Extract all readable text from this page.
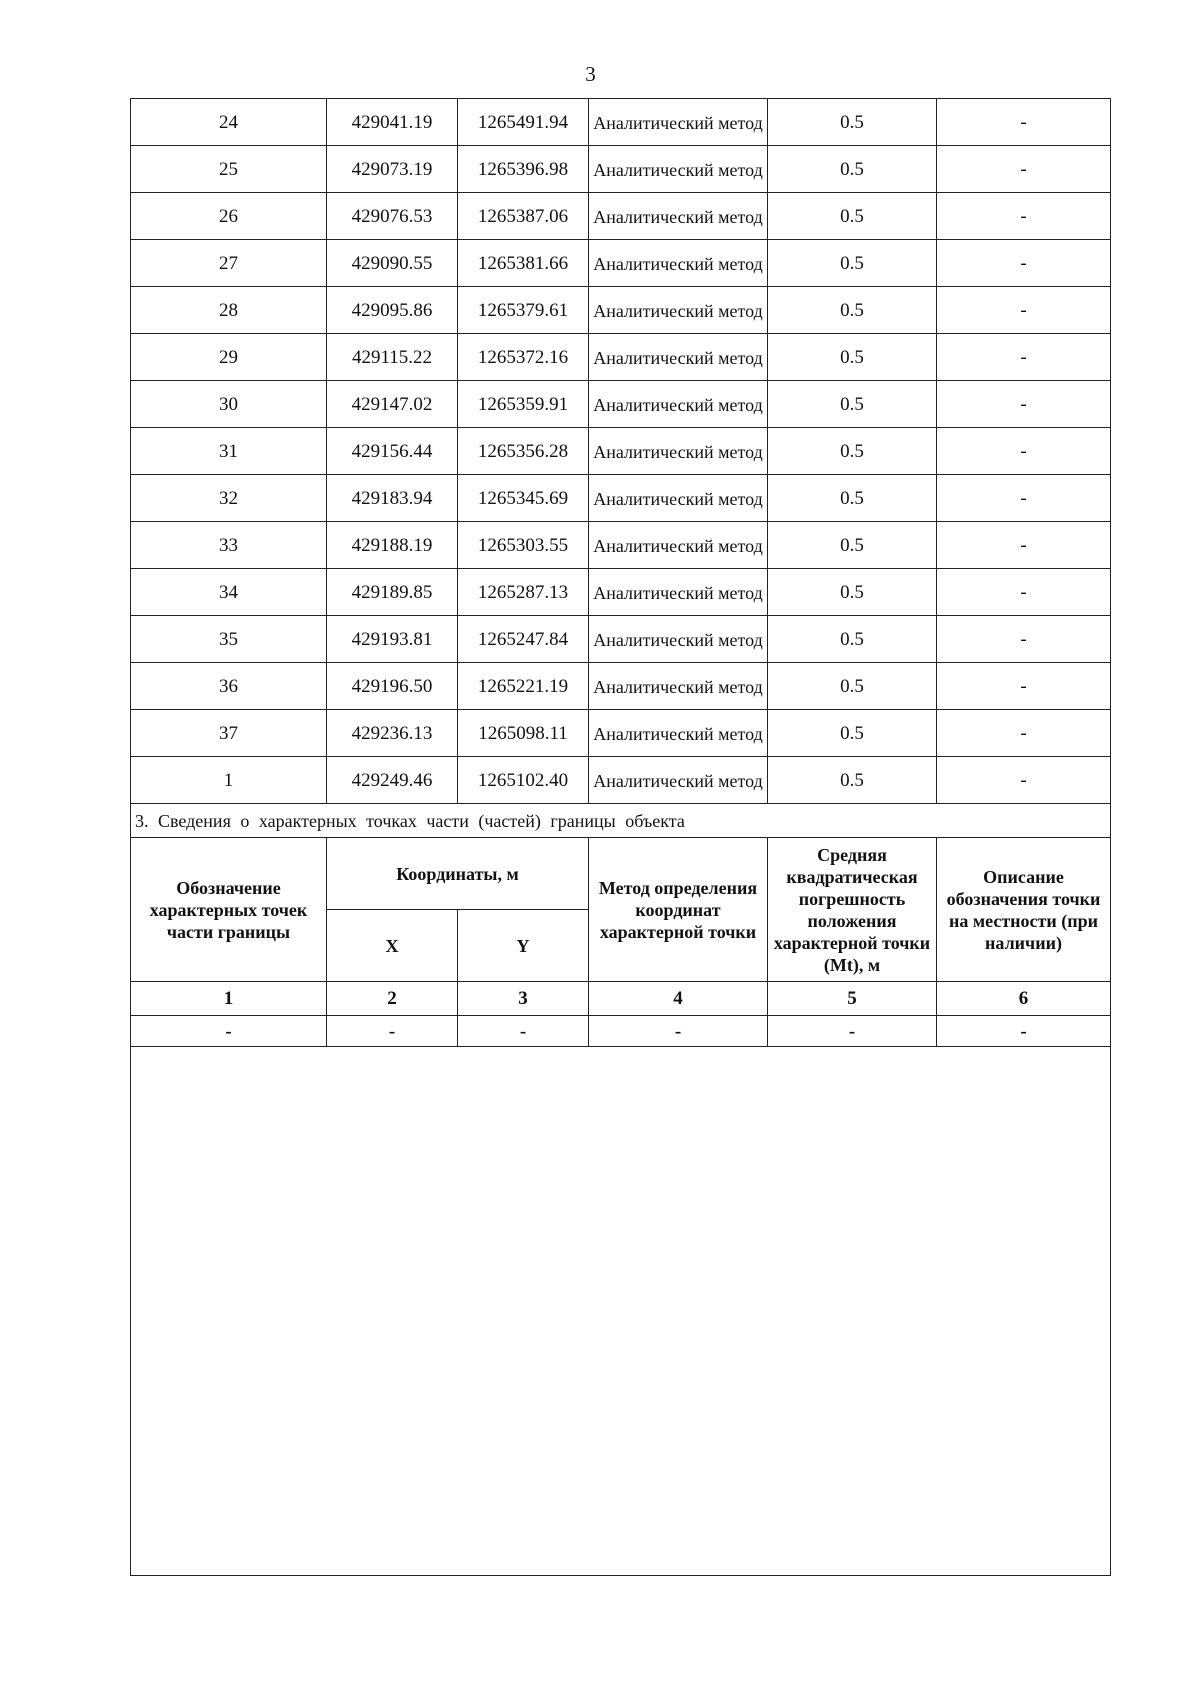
3
24	429041.19	1265491.94	Аналитический метод	0.5	-
25	429073.19	1265396.98	Аналитический метод	0.5	-
26	429076.53	1265387.06	Аналитический метод	0.5	-
27	429090.55	1265381.66	Аналитический метод	0.5	-
28	429095.86	1265379.61	Аналитический метод	0.5	-
29	429115.22	1265372.16	Аналитический метод	0.5	-
30	429147.02	1265359.91	Аналитический метод	0.5	-
31	429156.44	1265356.28	Аналитический метод	0.5	-
32	429183.94	1265345.69	Аналитический метод	0.5	-
33	429188.19	1265303.55	Аналитический метод	0.5	-
34	429189.85	1265287.13	Аналитический метод	0.5	-
35	429193.81	1265247.84	Аналитический метод	0.5	-
36	429196.50	1265221.19	Аналитический метод	0.5	-
37	429236.13	1265098.11	Аналитический метод	0.5	-
1	429249.46	1265102.40	Аналитический метод	0.5	-
3. Сведения о характерных точках части (частей) границы объекта					
Обозначение характерных точек части границы	Координаты, м		Метод определения координат характерной точки	Средняя квадратическая погрешность положения характерной точки (Mt), м	Описание обозначения точки на местности (при наличии)
	X	Y			
1	2	3	4	5	6
-	-	-	-	-	-
